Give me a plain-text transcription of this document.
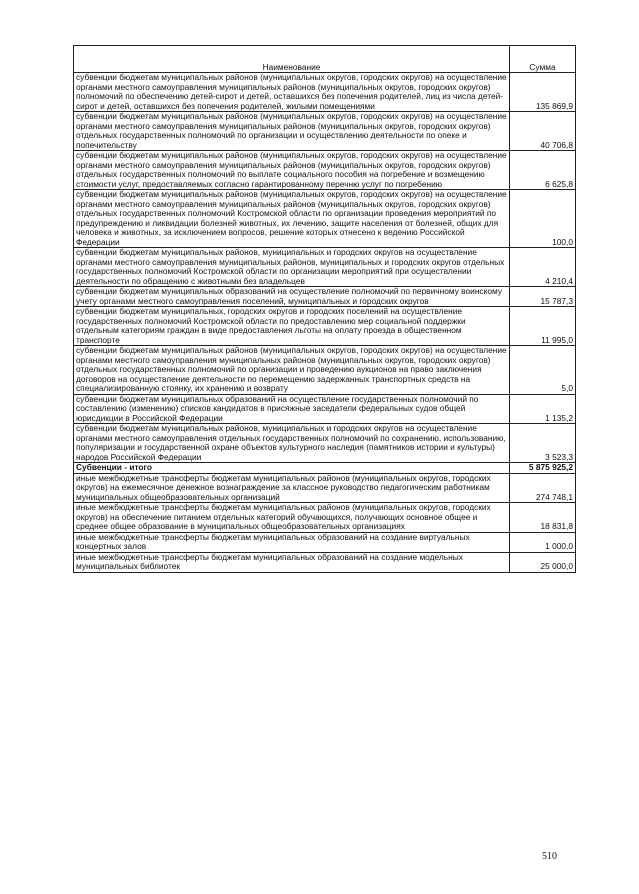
Наименование	Сумма
субвенции бюджетам муниципальных районов (муниципальных округов, городских округов) на осуществление органами местного самоуправления муниципальных районов (муниципальных округов, городских округов) полномочий по обеспечению детей-сирот и детей, оставшихся без попечения родителей, лиц из числа детей-сирот и детей, оставшихся без попечения родителей, жилыми помещениями	135 869,9
субвенции бюджетам муниципальных районов (муниципальных округов, городских округов) на осуществление органами местного самоуправления муниципальных районов (муниципальных округов, городских округов) отдельных государственных полномочий по организации и осуществлению деятельности по опеке и попечительству	40 706,8
субвенции бюджетам муниципальных районов (муниципальных округов, городских округов) на осуществление органами местного самоуправления муниципальных районов (муниципальных округов, городских округов) отдельных государственных полномочий по выплате социального пособия на погребение и возмещению стоимости услуг, предоставляемых согласно гарантированному перечню услуг по погребению	6 625,8
субвенции бюджетам муниципальных районов (муниципальных округов, городских округов) на осуществление органами местного самоуправления муниципальных районов (муниципальных округов, городских округов) отдельных государственных полномочий Костромской области по организации проведения мероприятий по предупреждению и ликвидации болезней животных, их лечению, защите населения от болезней, общих для человека и животных, за исключением вопросов, решение которых отнесено к ведению Российской Федерации	100,0
субвенции бюджетам муниципальных районов, муниципальных и городских округов на осуществление органами местного самоуправления муниципальных районов, муниципальных и городских округов отдельных государственных полномочий Костромской области по организации мероприятий при осуществлении деятельности по обращению с животными без владельцев	4 210,4
субвенции бюджетам муниципальных образований на осуществление полномочий по первичному воинскому учету органами местного самоуправления поселений, муниципальных и городских округов	15 787,3
субвенции бюджетам муниципальных, городских округов и городских поселений на осуществление государственных полномочий Костромской области по предоставлению мер социальной поддержки отдельным категориям граждан в виде предоставления льготы на оплату проезда в общественном транспорте	11 995,0
субвенции бюджетам муниципальных районов (муниципальных округов, городских округов) на осуществление органами местного самоуправления муниципальных районов (муниципальных округов, городских округов) отдельных государственных полномочий по организации и проведению аукционов на право заключения договоров на осуществление деятельности по перемещению задержанных транспортных средств на специализированную стоянку, их хранению и возврату	5,0
субвенции бюджетам муниципальных образований на осуществление государственных полномочий по составлению (изменению) списков кандидатов в присяжные заседатели федеральных судов общей юрисдикции в Российской Федерации	1 135,2
субвенции бюджетам муниципальных районов, муниципальных и городских округов на осуществление органами местного самоуправления отдельных государственных полномочий по сохранению, использованию, популяризации и государственной охране объектов культурного наследия (памятников истории и культуры) народов Российской Федерации	3 523,3
Субвенции - итого	5 875 925,2
иные межбюджетные трансферты бюджетам муниципальных районов (муниципальных округов, городских округов) на ежемесячное денежное вознаграждение за классное руководство педагогическим работникам муниципальных общеобразовательных организаций	274 748,1
иные межбюджетные трансферты бюджетам муниципальных районов (муниципальных округов, городских округов) на обеспечение питанием отдельных категорий обучающихся, получающих основное общее и среднее общее образование в муниципальных общеобразовательных организациях	18 831,8
иные межбюджетные трансферты бюджетам муниципальных образований на создание виртуальных концертных залов	1 000,0
иные межбюджетные трансферты бюджетам муниципальных образований на создание модельных муниципальных библиотек	25 000,0
510
